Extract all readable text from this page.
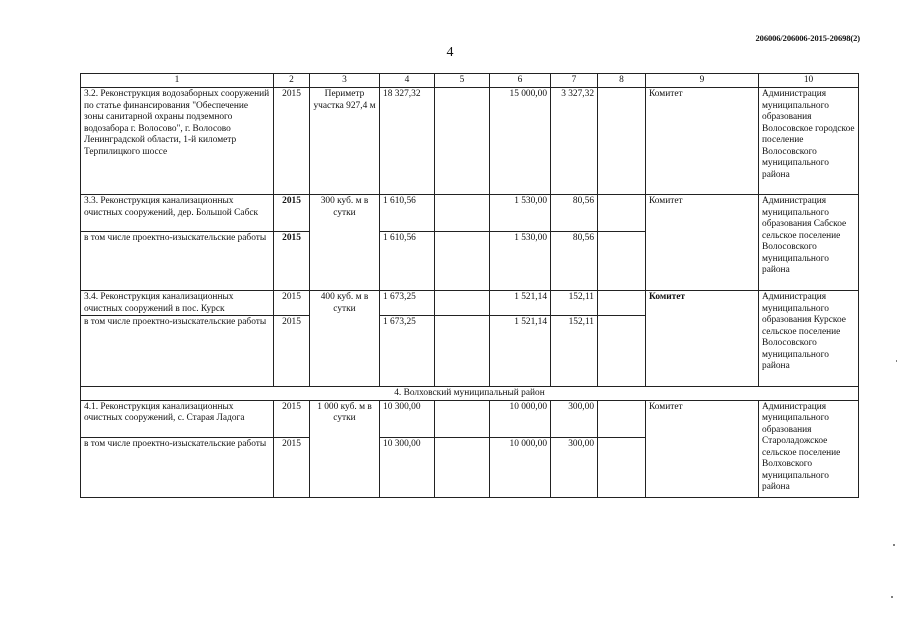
206006/206006-2015-20698(2)
4
1	2	3	4	5	6	7	8	9	10
3.2. Реконструкция водозаборных сооружений по статье финансирования "Обеспечение зоны санитарной охраны подземного водозабора г. Волосово", г. Волосово Ленинградской области, 1-й километр Терпилицкого шоссе	2015	Периметр участка 927,4 м	18 327,32		15 000,00	3 327,32		Комитет	Администрация муниципального образования Волосовское городское поселение Волосовского муниципального района
3.3. Реконструкция канализационных очистных сооружений, дер. Большой Сабск	2015	300 куб. м в сутки	1 610,56		1 530,00	80,56		Комитет	Администрация муниципального образования Сабское сельское поселение Волосовского муниципального района
в том числе проектно-изыскательские работы	2015		1 610,56		1 530,00	80,56			
3.4. Реконструкция канализационных очистных сооружений в пос. Курск	2015	400 куб. м в сутки	1 673,25		1 521,14	152,11		Комитет	Администрация муниципального образования Курское сельское поселение Волосовского муниципального района
в том числе проектно-изыскательские работы	2015		1 673,25		1 521,14	152,11			
4. Волховский муниципальный район									
4.1. Реконструкция канализационных очистных сооружений, с. Старая Ладога	2015	1 000 куб. м в сутки	10 300,00		10 000,00	300,00		Комитет	Администрация муниципального образования Староладожское сельское поселение Волховского муниципального района
в том числе проектно-изыскательские работы	2015		10 300,00		10 000,00	300,00			
